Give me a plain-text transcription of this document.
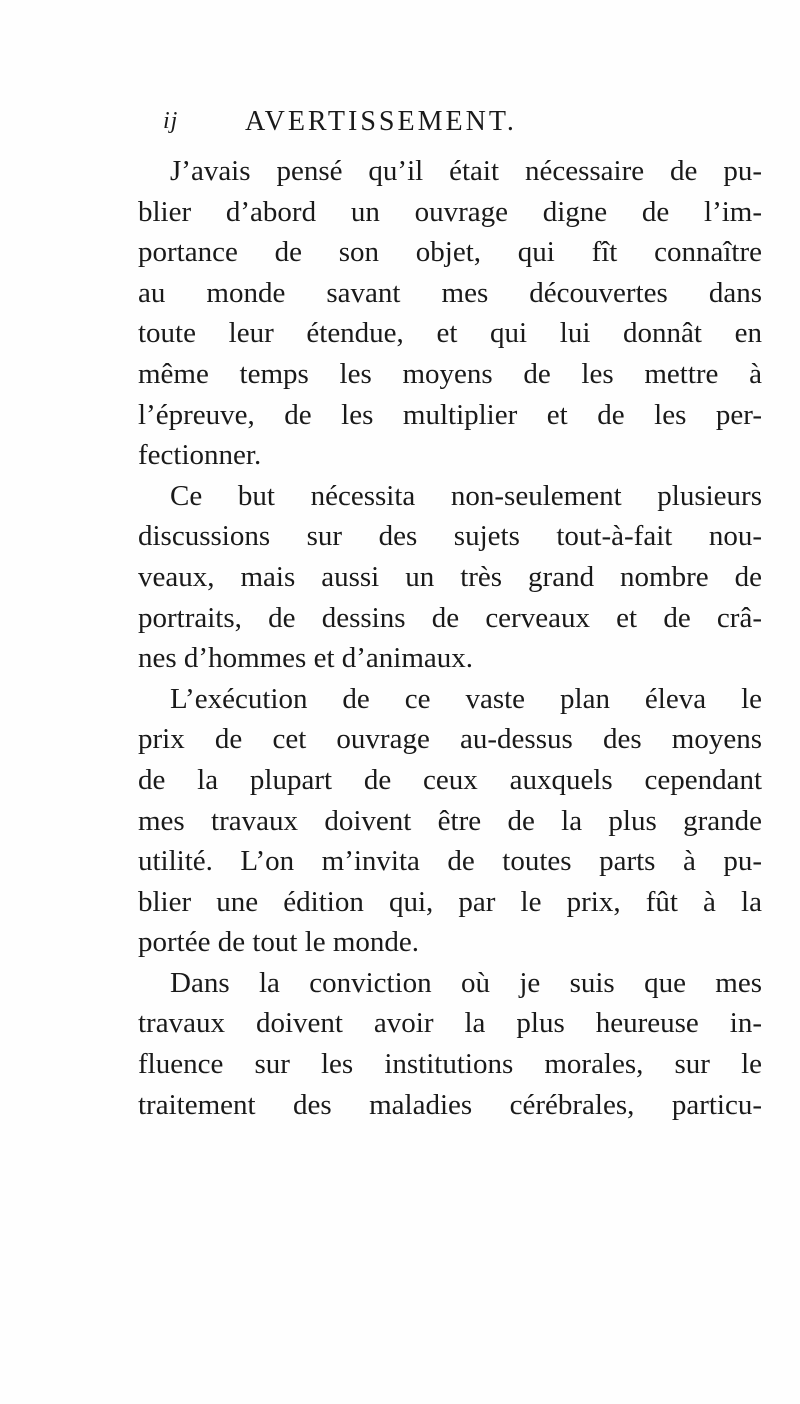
ij AVERTISSEMENT.
J’avais pensé qu’il était nécessaire de pu-
blier d’abord un ouvrage digne de l’im-
portance de son objet, qui fît connaître
au monde savant mes découvertes dans
toute leur étendue, et qui lui donnât en
même temps les moyens de les mettre à
l’épreuve, de les multiplier et de les per-
fectionner.
Ce but nécessita non-seulement plusieurs
discussions sur des sujets tout-à-fait nou-
veaux, mais aussi un très grand nombre de
portraits, de dessins de cerveaux et de crâ-
nes d’hommes et d’animaux.
L’exécution de ce vaste plan éleva le
prix de cet ouvrage au-dessus des moyens
de la plupart de ceux auxquels cependant
mes travaux doivent être de la plus grande
utilité. L’on m’invita de toutes parts à pu-
blier une édition qui, par le prix, fût à la
portée de tout le monde.
Dans la conviction où je suis que mes
travaux doivent avoir la plus heureuse in-
fluence sur les institutions morales, sur le
traitement des maladies cérébrales, particu-
